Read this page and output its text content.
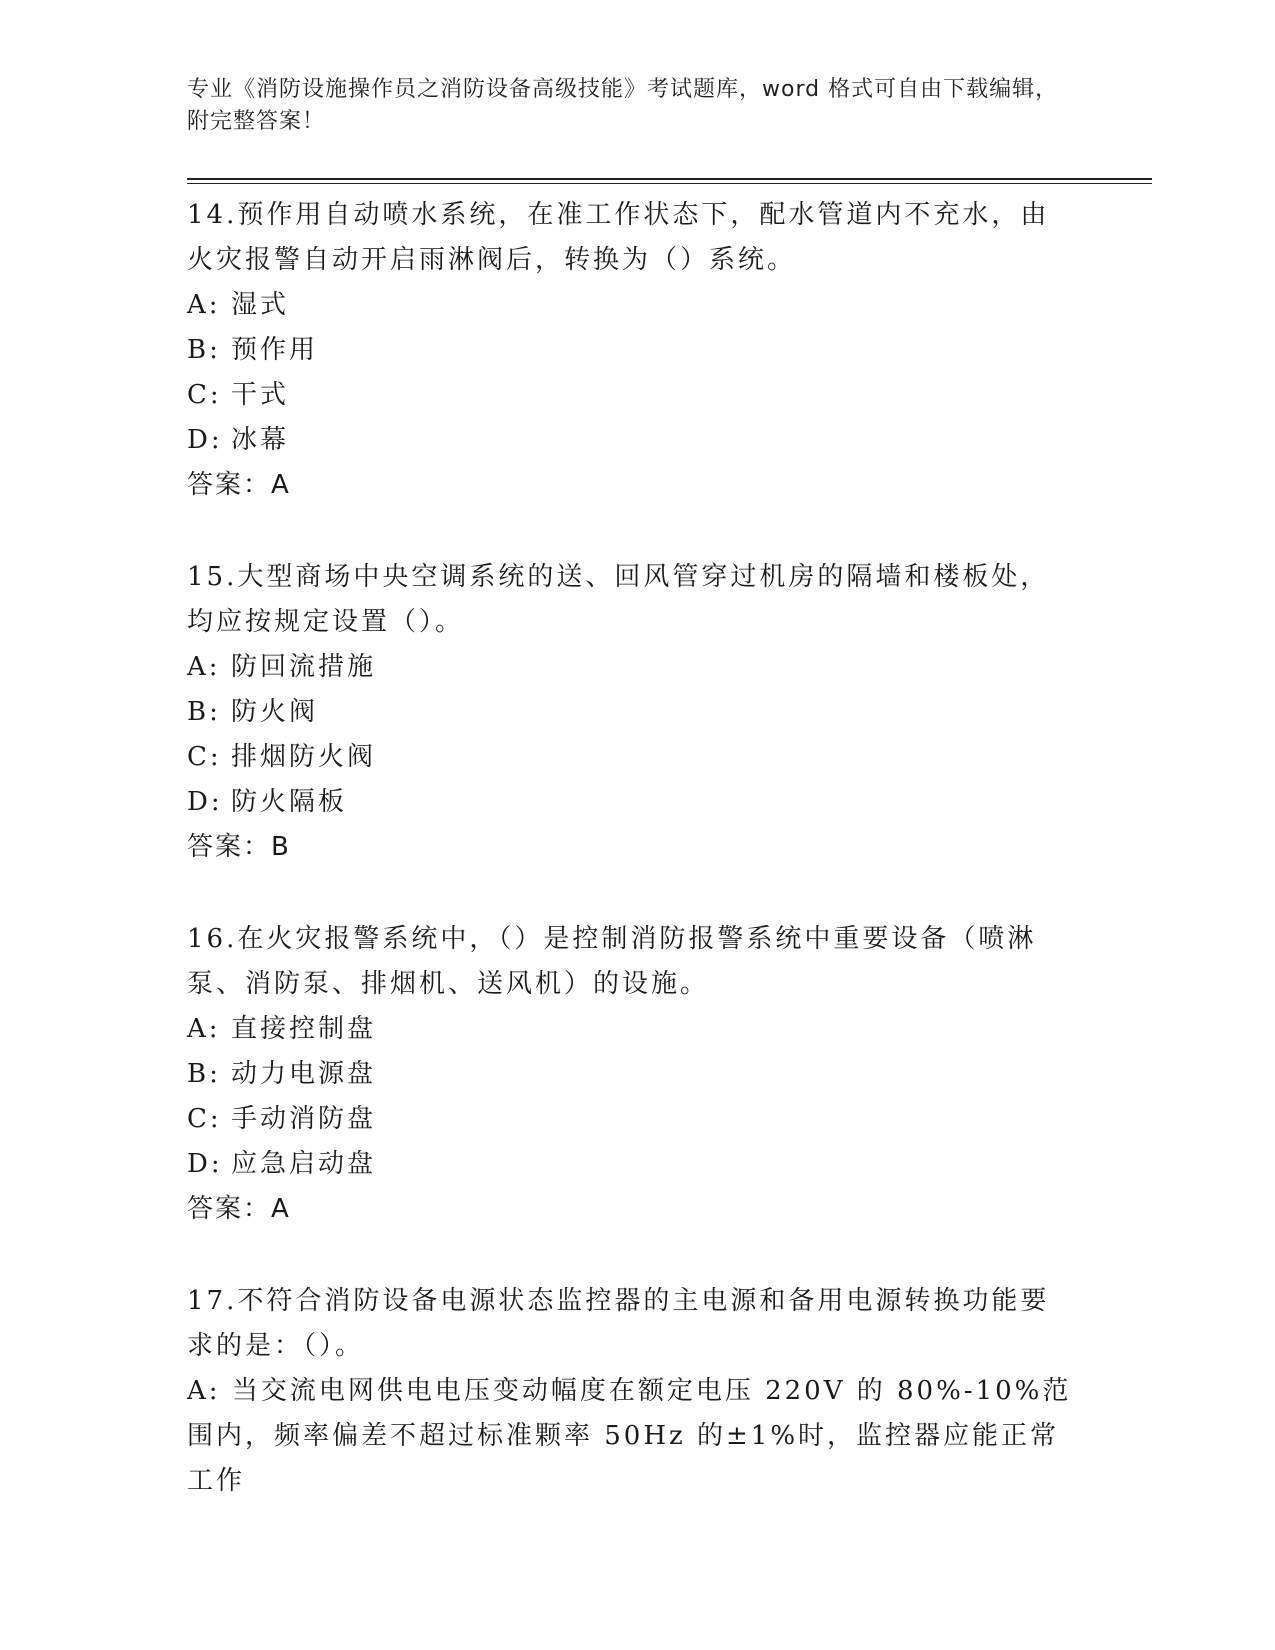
专业《消防设施操作员之消防设备高级技能》考试题库，word 格式可自由下载编辑，附完整答案！

14.预作用自动喷水系统，在准工作状态下，配水管道内不充水，由火灾报警自动开启雨淋阀后，转换为（）系统。

A: 湿式

B: 预作用

C: 干式

D: 冰幕

答案：A

15.大型商场中央空调系统的送、回风管穿过机房的隔墙和楼板处，均应按规定设置（）。

A: 防回流措施

B: 防火阀

C: 排烟防火阀

D: 防火隔板

答案：B

16.在火灾报警系统中，（）是控制消防报警系统中重要设备（喷淋泵、消防泵、排烟机、送风机）的设施。

A: 直接控制盘

B: 动力电源盘

C: 手动消防盘

D: 应急启动盘

答案：A

17.不符合消防设备电源状态监控器的主电源和备用电源转换功能要求的是：（）。

A: 当交流电网供电电压变动幅度在额定电压 220V 的 80%-10%范围内，频率偏差不超过标准颗率 50Hz 的±1%时，监控器应能正常工作
